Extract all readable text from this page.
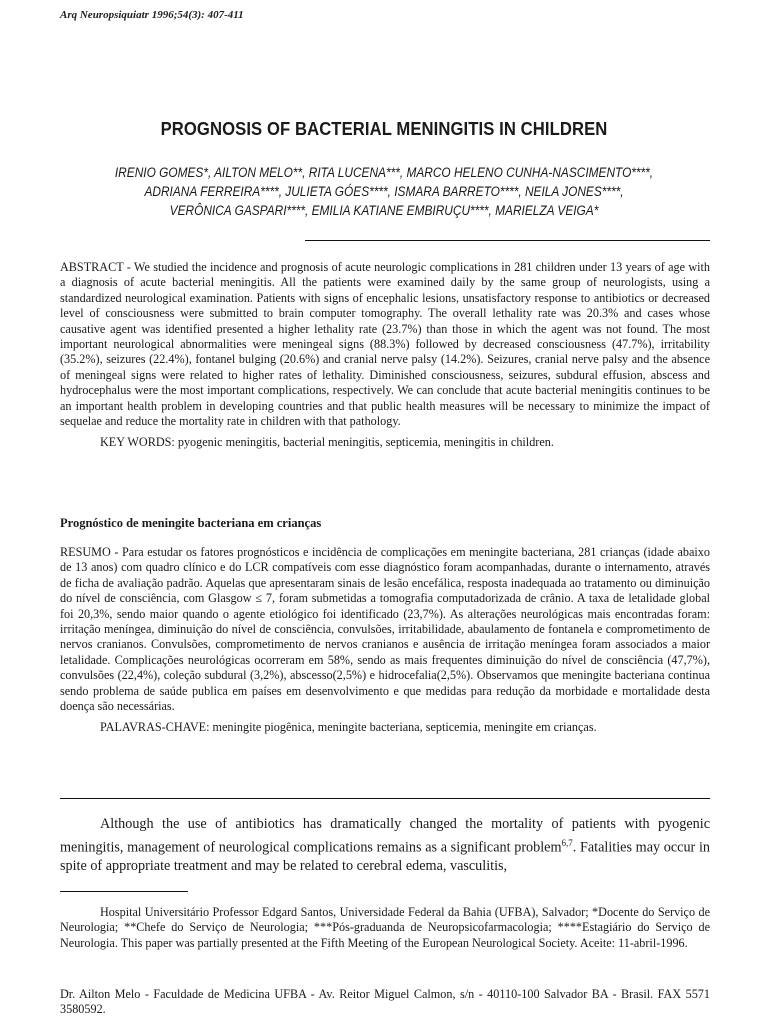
Arq Neuropsiquiatr 1996;54(3): 407-411
PROGNOSIS OF BACTERIAL MENINGITIS IN CHILDREN
IRENIO GOMES*, AILTON MELO**, RITA LUCENA***, MARCO HELENO CUNHA-NASCIMENTO****,
ADRIANA FERREIRA****, JULIETA GÓES****, ISMARA BARRETO****, NEILA JONES****,
VERÔNICA GASPARI****, EMILIA KATIANE EMBIRUÇU****, MARIELZA VEIGA*

ABSTRACT - We studied the incidence and prognosis of acute neurologic complications in 281 children under 13 years of age with a diagnosis of acute bacterial meningitis. All the patients were examined daily by the same group of neurologists, using a standardized neurological examination. Patients with signs of encephalic lesions, unsatisfactory response to antibiotics or decreased level of consciousness were submitted to brain computer tomography. The overall lethality rate was 20.3% and cases whose causative agent was identified presented a higher lethality rate (23.7%) than those in which the agent was not found. The most important neurological abnormalities were meningeal signs (88.3%) followed by decreased consciousness (47.7%), irritability (35.2%), seizures (22.4%), fontanel bulging (20.6%) and cranial nerve palsy (14.2%). Seizures, cranial nerve palsy and the absence of meningeal signs were related to higher rates of lethality. Diminished consciousness, seizures, subdural effusion, abscess and hydrocephalus were the most important complications, respectively. We can conclude that acute bacterial meningitis continues to be an important health problem in developing countries and that public health measures will be necessary to minimize the impact of sequelae and reduce the mortality rate in children with that pathology.

KEY WORDS: pyogenic meningitis, bacterial meningitis, septicemia, meningitis in children.

Prognóstico de meningite bacteriana em crianças

RESUMO - Para estudar os fatores prognósticos e incidência de complicações em meningite bacteriana, 281 crianças (idade abaixo de 13 anos) com quadro clínico e do LCR compatíveis com esse diagnóstico foram acompanhadas, durante o internamento, através de ficha de avaliação padrão. Aquelas que apresentaram sinais de lesão encefálica, resposta inadequada ao tratamento ou diminuição do nível de consciência, com Glasgow ≤ 7, foram submetidas a tomografia computadorizada de crânio. A taxa de letalidade global foi 20,3%, sendo maior quando o agente etiológico foi identificado (23,7%). As alterações neurológicas mais encontradas foram: irritação meníngea, diminuição do nível de consciência, convulsões, irritabilidade, abaulamento de fontanela e comprometimento de nervos cranianos. Convulsões, comprometimento de nervos cranianos e ausência de irritação meníngea foram associados a maior letalidade. Complicações neurológicas ocorreram em 58%, sendo as mais frequentes diminuição do nível de consciência (47,7%), convulsões (22,4%), coleção subdural (3,2%), abscesso(2,5%) e hidrocefalia(2,5%). Observamos que meningite bacteriana continua sendo problema de saúde publica em países em desenvolvimento e que medidas para redução da morbidade e mortalidade desta doença são necessárias.

PALAVRAS-CHAVE: meningite piogênica, meningite bacteriana, septicemia, meningite em crianças.

Although the use of antibiotics has dramatically changed the mortality of patients with pyogenic meningitis, management of neurological complications remains as a significant problem$^{6,7}$. Fatalities may occur in spite of appropriate treatment and may be related to cerebral edema, vasculitis,

Hospital Universitário Professor Edgard Santos, Universidade Federal da Bahia (UFBA), Salvador; *Docente do Serviço de Neurologia; **Chefe do Serviço de Neurologia; ***Pós-graduanda de Neuropsicofarmacologia; ****Estagiário do Serviço de Neurologia. This paper was partially presented at the Fifth Meeting of the European Neurological Society. Aceite: 11-abril-1996.

Dr. Ailton Melo - Faculdade de Medicina UFBA - Av. Reitor Miguel Calmon, s/n - 40110-100 Salvador BA - Brasil. FAX 5571 3580592.
